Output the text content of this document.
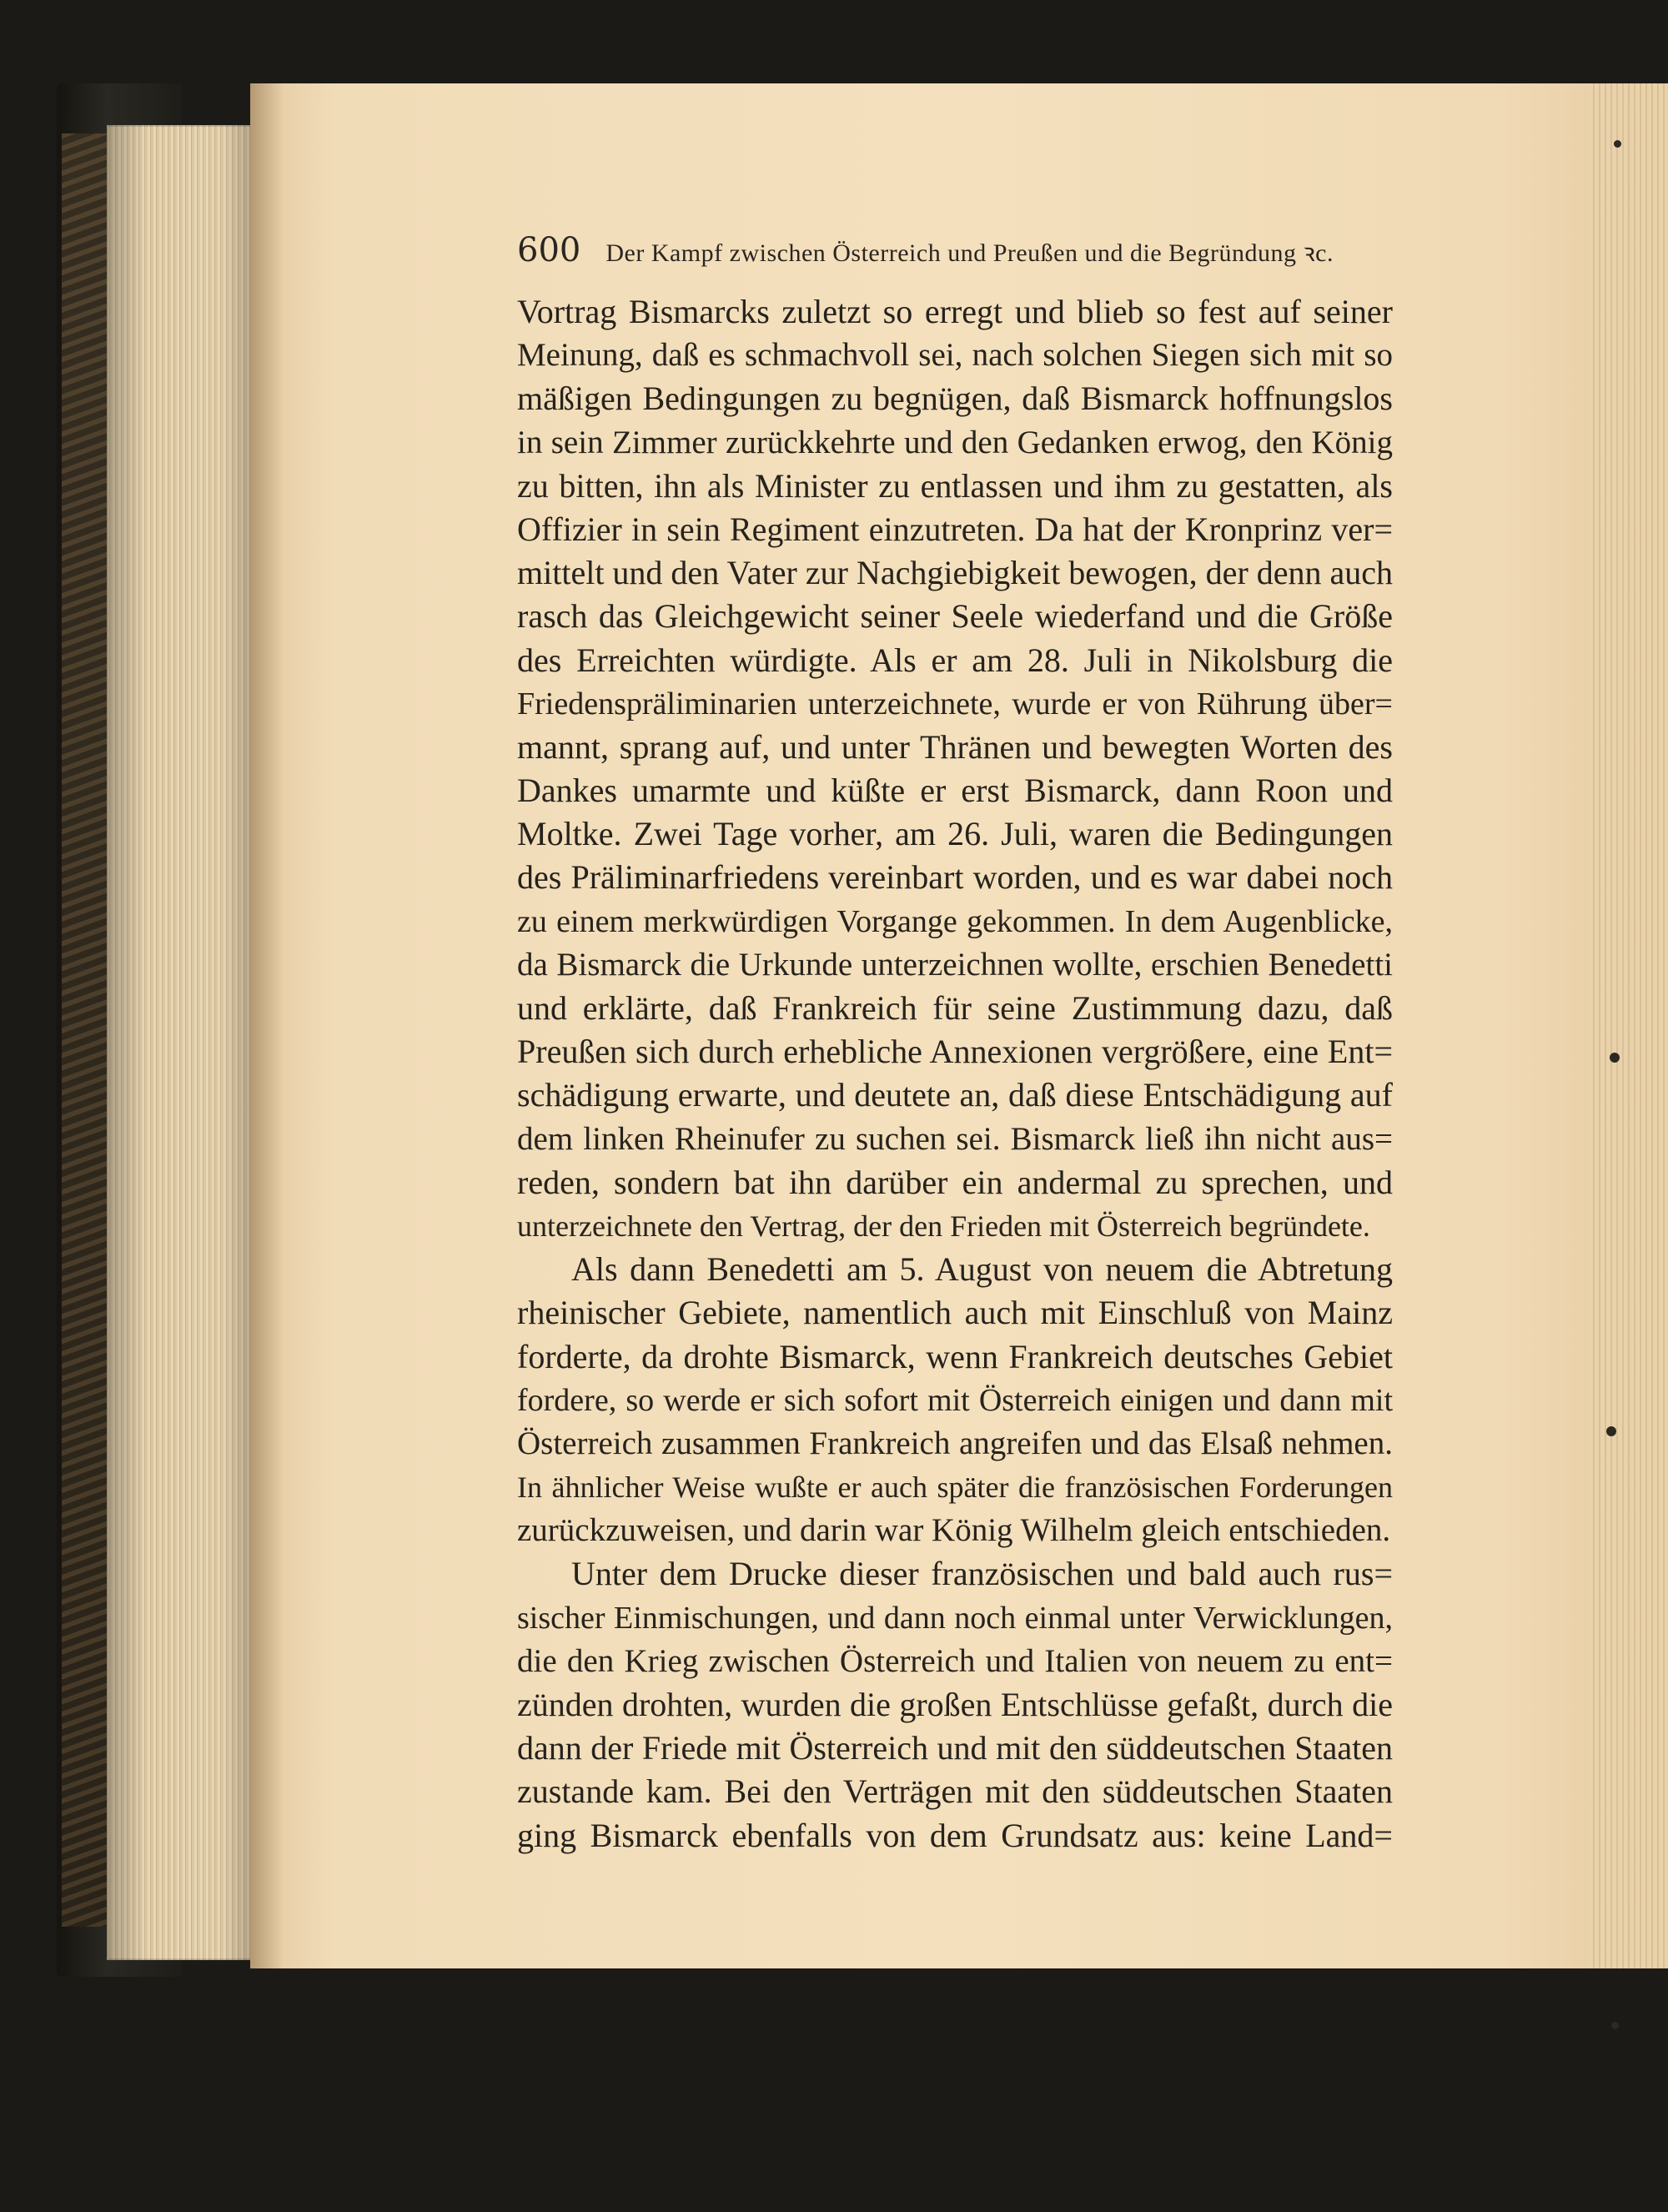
600 Der Kampf zwischen Österreich und Preußen und die Begründung ꝛc.
Vortrag Bismarcks zuletzt so erregt und blieb so fest auf seiner
Meinung, daß es schmachvoll sei, nach solchen Siegen sich mit so
mäßigen Bedingungen zu begnügen, daß Bismarck hoffnungslos
in sein Zimmer zurückkehrte und den Gedanken erwog, den König
zu bitten, ihn als Minister zu entlassen und ihm zu gestatten, als
Offizier in sein Regiment einzutreten. Da hat der Kronprinz ver=
mittelt und den Vater zur Nachgiebigkeit bewogen, der denn auch
rasch das Gleichgewicht seiner Seele wiederfand und die Größe
des Erreichten würdigte. Als er am 28. Juli in Nikolsburg die
Friedenspräliminarien unterzeichnete, wurde er von Rührung über=
mannt, sprang auf, und unter Thränen und bewegten Worten des
Dankes umarmte und küßte er erst Bismarck, dann Roon und
Moltke. Zwei Tage vorher, am 26. Juli, waren die Bedingungen
des Präliminarfriedens vereinbart worden, und es war dabei noch
zu einem merkwürdigen Vorgange gekommen. In dem Augenblicke,
da Bismarck die Urkunde unterzeichnen wollte, erschien Benedetti
und erklärte, daß Frankreich für seine Zustimmung dazu, daß
Preußen sich durch erhebliche Annexionen vergrößere, eine Ent=
schädigung erwarte, und deutete an, daß diese Entschädigung auf
dem linken Rheinufer zu suchen sei. Bismarck ließ ihn nicht aus=
reden, sondern bat ihn darüber ein andermal zu sprechen, und
unterzeichnete den Vertrag, der den Frieden mit Österreich begründete.
Als dann Benedetti am 5. August von neuem die Abtretung
rheinischer Gebiete, namentlich auch mit Einschluß von Mainz
forderte, da drohte Bismarck, wenn Frankreich deutsches Gebiet
fordere, so werde er sich sofort mit Österreich einigen und dann mit
Österreich zusammen Frankreich angreifen und das Elsaß nehmen.
In ähnlicher Weise wußte er auch später die französischen Forderungen
zurückzuweisen, und darin war König Wilhelm gleich entschieden.
Unter dem Drucke dieser französischen und bald auch rus=
sischer Einmischungen, und dann noch einmal unter Verwicklungen,
die den Krieg zwischen Österreich und Italien von neuem zu ent=
zünden drohten, wurden die großen Entschlüsse gefaßt, durch die
dann der Friede mit Österreich und mit den süddeutschen Staaten
zustande kam. Bei den Verträgen mit den süddeutschen Staaten
ging Bismarck ebenfalls von dem Grundsatz aus: keine Land=
